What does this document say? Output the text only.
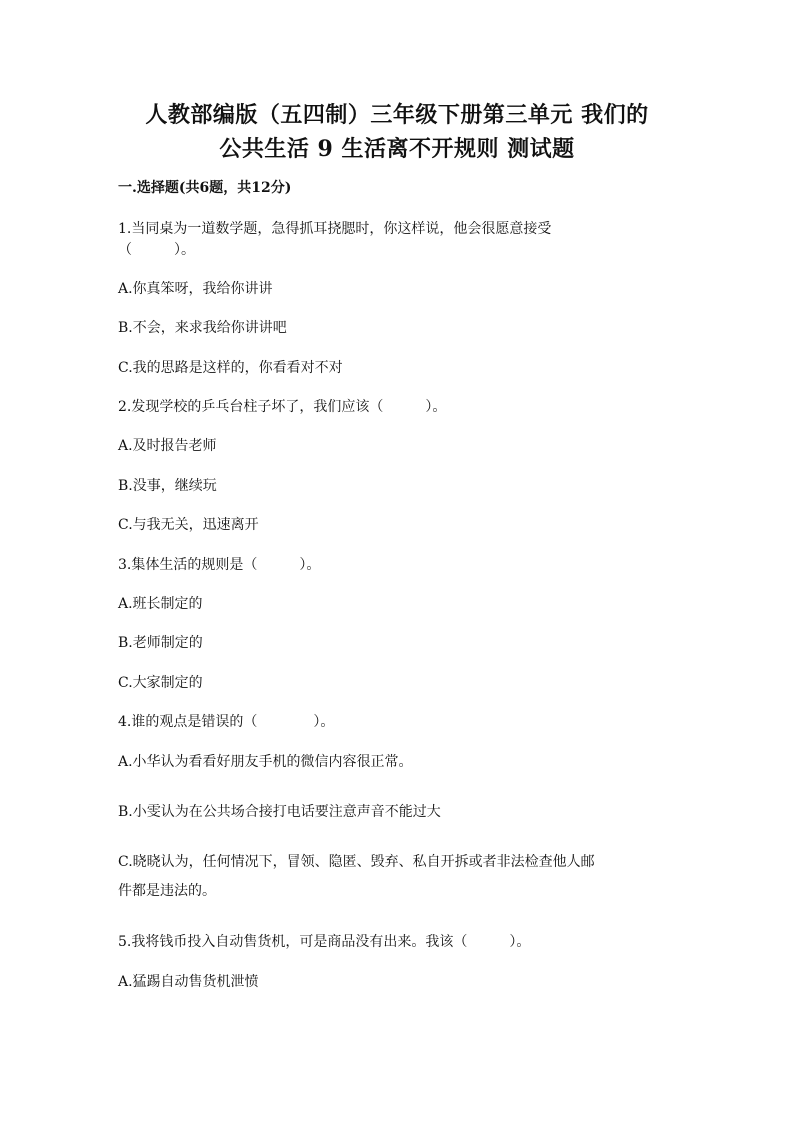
人教部编版（五四制）三年级下册第三单元 我们的
公共生活 9 生活离不开规则 测试题
一.选择题(共6题，共12分)
1.当同桌为一道数学题，急得抓耳挠腮时，你这样说，他会很愿意接受
（　　　）。
A.你真笨呀，我给你讲讲
B.不会，来求我给你讲讲吧
C.我的思路是这样的，你看看对不对
2.发现学校的乒乓台柱子坏了，我们应该（　　　）。
A.及时报告老师
B.没事，继续玩
C.与我无关，迅速离开
3.集体生活的规则是（　　　）。
A.班长制定的
B.老师制定的
C.大家制定的
4.谁的观点是错误的（　　　　）。
A.小华认为看看好朋友手机的微信内容很正常。
B.小雯认为在公共场合接打电话要注意声音不能过大
C.晓晓认为，任何情况下，冒领、隐匿、毁弃、私自开拆或者非法检查他人邮
件都是违法的。
5.我将钱币投入自动售货机，可是商品没有出来。我该（　　　）。
A.猛踢自动售货机泄愤
